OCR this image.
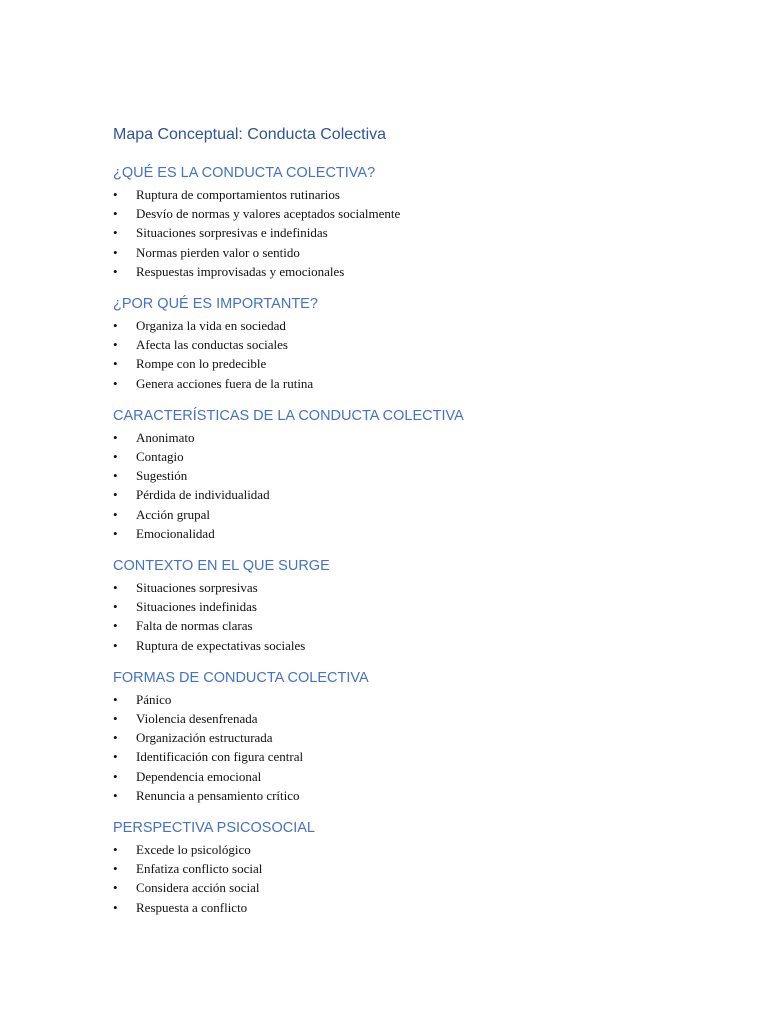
Mapa Conceptual: Conducta Colectiva
¿QUÉ ES LA CONDUCTA COLECTIVA?
• Ruptura de comportamientos rutinarios
• Desvío de normas y valores aceptados socialmente
• Situaciones sorpresivas e indefinidas
• Normas pierden valor o sentido
• Respuestas improvisadas y emocionales
¿POR QUÉ ES IMPORTANTE?
• Organiza la vida en sociedad
• Afecta las conductas sociales
• Rompe con lo predecible
• Genera acciones fuera de la rutina
CARACTERÍSTICAS DE LA CONDUCTA COLECTIVA
• Anonimato
• Contagio
• Sugestión
• Pérdida de individualidad
• Acción grupal
• Emocionalidad
CONTEXTO EN EL QUE SURGE
• Situaciones sorpresivas
• Situaciones indefinidas
• Falta de normas claras
• Ruptura de expectativas sociales
FORMAS DE CONDUCTA COLECTIVA
• Pánico
• Violencia desenfrenada
• Organización estructurada
• Identificación con figura central
• Dependencia emocional
• Renuncia a pensamiento crítico
PERSPECTIVA PSICOSOCIAL
• Excede lo psicológico
• Enfatiza conflicto social
• Considera acción social
• Respuesta a conflicto
